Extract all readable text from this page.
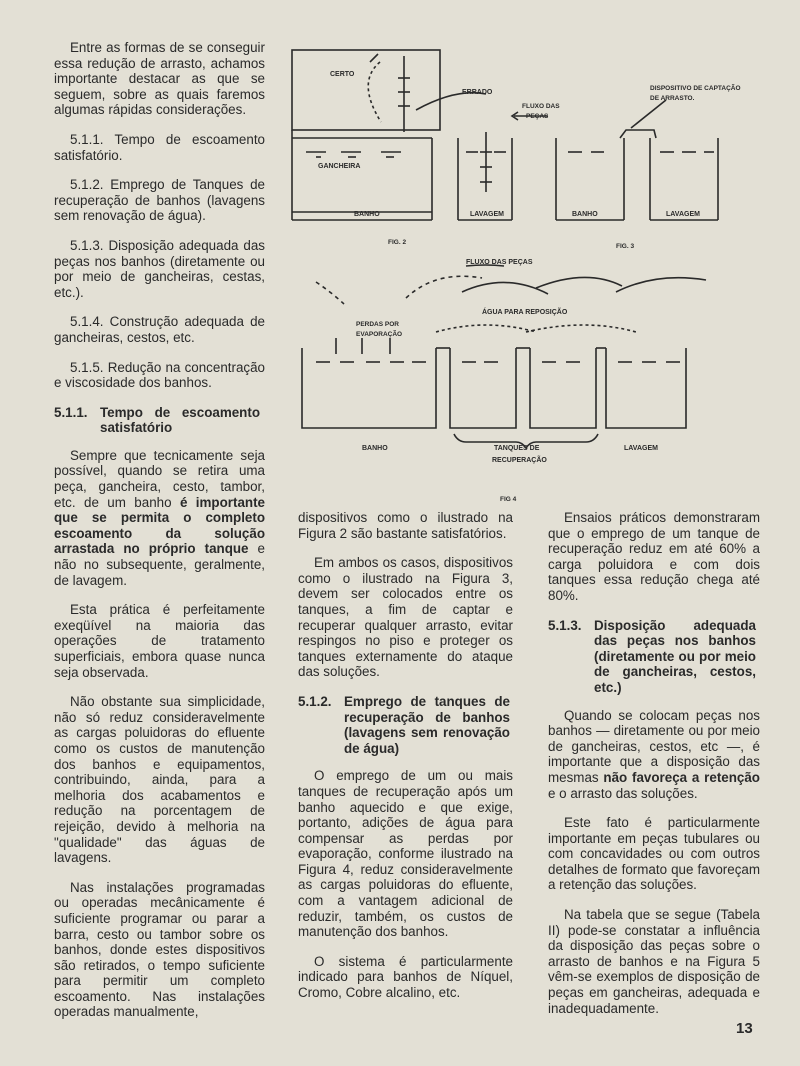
Entre as formas de se conseguir essa redução de arrasto, achamos importante destacar as que se seguem, sobre as quais faremos algumas rápidas considerações.

5.1.1. Tempo de escoamento satisfatório.
5.1.2. Emprego de Tanques de recuperação de banhos (lavagens sem renovação de água).
5.1.3. Disposição adequada das peças nos banhos (diretamente ou por meio de gancheiras, cestas, etc.).
5.1.4. Construção adequada de gancheiras, cestos, etc.
5.1.5. Redução na concentração e viscosidade dos banhos.
5.1.1. Tempo de escoamento satisfatório

Sempre que tecnicamente seja possível, quando se retira uma peça, gancheira, cesto, tambor, etc. de um banho é importante que se permita o completo escoamento da solução arrastada no próprio tanque e não no subsequente, geralmente, de lavagem.

Esta prática é perfeitamente exeqüível na maioria das operações de tratamento superficiais, embora quase nunca seja observada.

Não obstante sua simplicidade, não só reduz consideravelmente as cargas poluidoras do efluente como os custos de manutenção dos banhos e equipamentos, contribuindo, ainda, para a melhoria dos acabamentos e redução na porcentagem de rejeição, devido à melhoria na "qualidade" das águas de lavagens.

Nas instalações programadas ou operadas mecânicamente é suficiente programar ou parar a barra, cesto ou tambor sobre os banhos, donde estes dispositivos são retirados, o tempo suficiente para permitir um completo escoamento. Nas instalações operadas manualmente,

CERTO
ERRADO
GANCHEIRA
BANHO	LAVAGEM
FIG. 2
FLUXO DAS
PEÇAS
DISPOSITIVO DE CAPTAÇÃO
DE ARRASTO.
BANHO	LAVAGEM
FIG. 3
FLUXO DAS PEÇAS
ÁGUA PARA REPOSIÇÃO
PERDAS POR
EVAPORAÇÃO
BANHO	TANQUES DE
RECUPERAÇÃO
LAVAGEM
FIG 4

dispositivos como o ilustrado na Figura 2 são bastante satisfatórios.

Em ambos os casos, dispositivos como o ilustrado na Figura 3, devem ser colocados entre os tanques, a fim de captar e recuperar qualquer arrasto, evitar respingos no piso e proteger os tanques externamente do ataque das soluções.

5.1.2. Emprego de tanques de recuperação de banhos (lavagens sem renovação de água)

O emprego de um ou mais tanques de recuperação após um banho aquecido e que exige, portanto, adições de água para compensar as perdas por evaporação, conforme ilustrado na Figura 4, reduz consideravelmente as cargas poluidoras do efluente, com a vantagem adicional de reduzir, também, os custos de manutenção dos banhos.

O sistema é particularmente indicado para banhos de Níquel, Cromo, Cobre alcalino, etc.

Ensaios práticos demonstraram que o emprego de um tanque de recuperação reduz em até 60% a carga poluidora e com dois tanques essa redução chega até 80%.

5.1.3. Disposição adequada das peças nos banhos (diretamente ou por meio de gancheiras, cestos, etc.)

Quando se colocam peças nos banhos — diretamente ou por meio de gancheiras, cestos, etc —, é importante que a disposição das mesmas não favoreça a retenção e o arrasto das soluções.

Este fato é particularmente importante em peças tubulares ou com concavidades ou com outros detalhes de formato que favoreçam a retenção das soluções.

Na tabela que se segue (Tabela II) pode-se constatar a influência da disposição das peças sobre o arrasto de banhos e na Figura 5 vêm-se exemplos de disposição de peças em gancheiras, adequada e inadequadamente.

13
